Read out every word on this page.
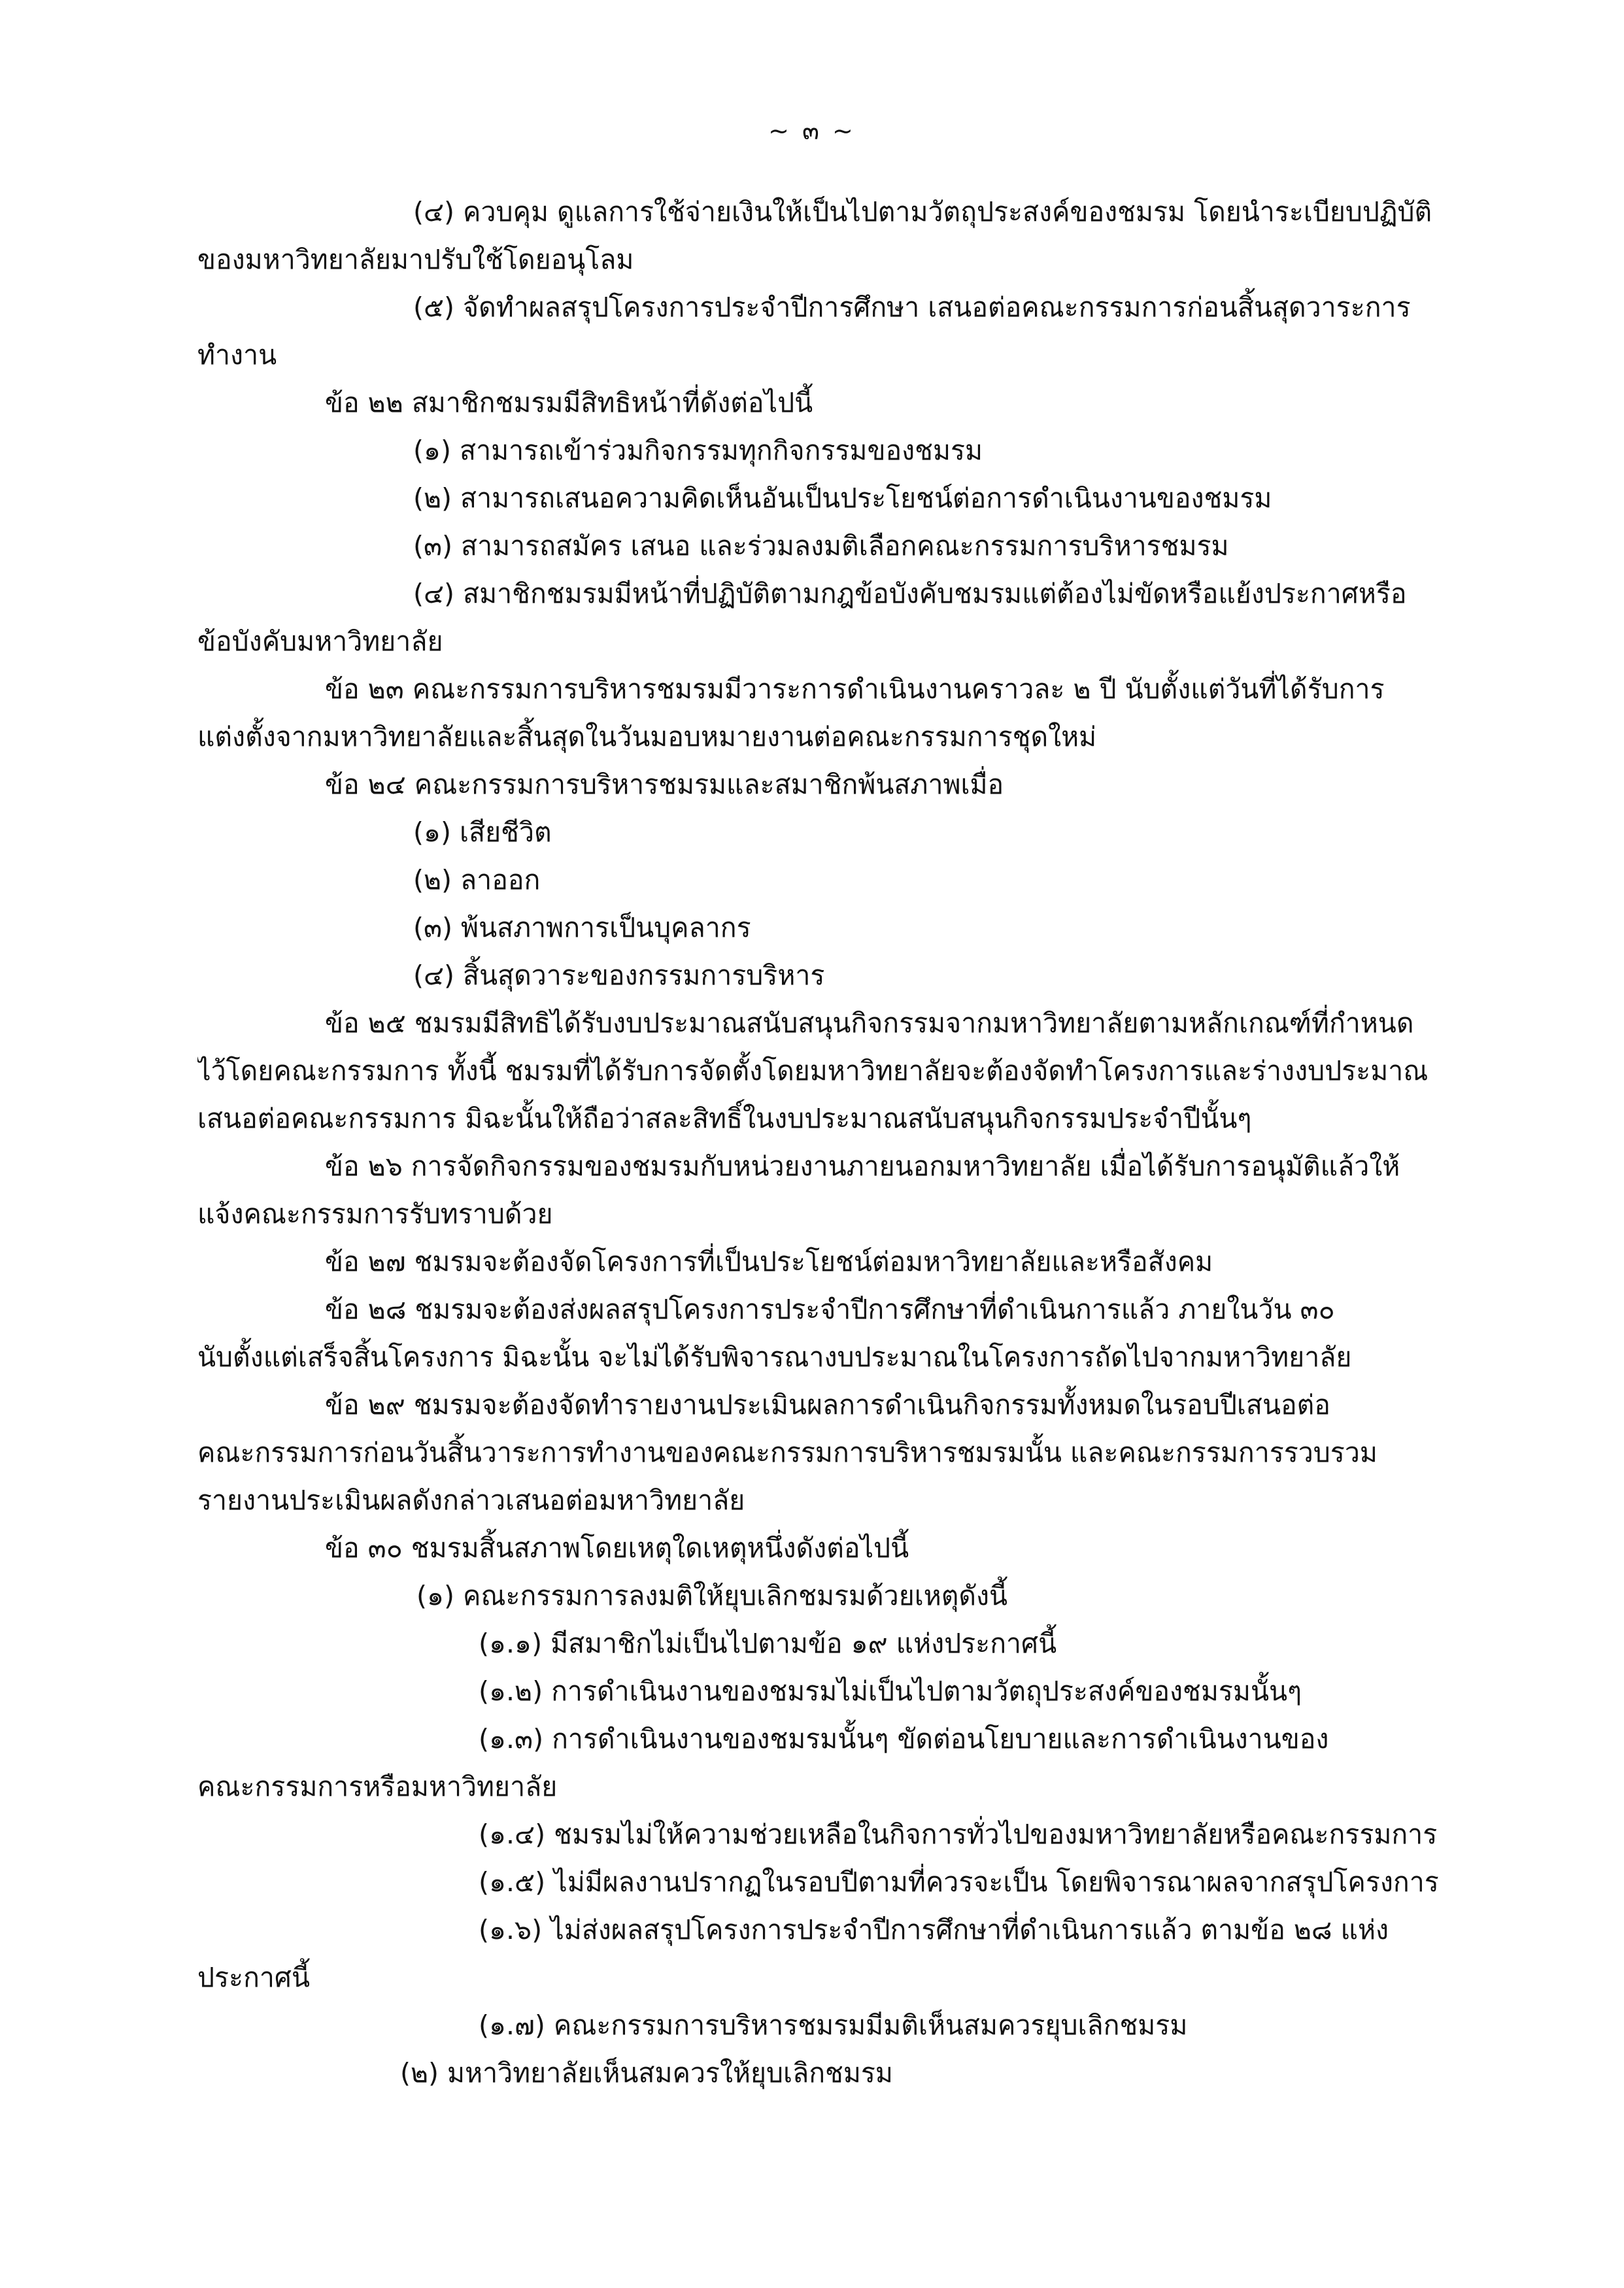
~ ๓ ~
(๔) ควบคุม ดูแลการใช้จ่ายเงินให้เป็นไปตามวัตถุประสงค์ของชมรม โดยนำระเบียบปฏิบัติ
ของมหาวิทยาลัยมาปรับใช้โดยอนุโลม
(๕) จัดทำผลสรุปโครงการประจำปีการศึกษา เสนอต่อคณะกรรมการก่อนสิ้นสุดวาระการ
ทำงาน
ข้อ ๒๒ สมาชิกชมรมมีสิทธิหน้าที่ดังต่อไปนี้
(๑) สามารถเข้าร่วมกิจกรรมทุกกิจกรรมของชมรม
(๒) สามารถเสนอความคิดเห็นอันเป็นประโยชน์ต่อการดำเนินงานของชมรม
(๓) สามารถสมัคร เสนอ และร่วมลงมติเลือกคณะกรรมการบริหารชมรม
(๔) สมาชิกชมรมมีหน้าที่ปฏิบัติตามกฎข้อบังคับชมรมแต่ต้องไม่ขัดหรือแย้งประกาศหรือ
ข้อบังคับมหาวิทยาลัย
ข้อ ๒๓ คณะกรรมการบริหารชมรมมีวาระการดำเนินงานคราวละ ๒ ปี นับตั้งแต่วันที่ได้รับการ
แต่งตั้งจากมหาวิทยาลัยและสิ้นสุดในวันมอบหมายงานต่อคณะกรรมการชุดใหม่
ข้อ ๒๔ คณะกรรมการบริหารชมรมและสมาชิกพ้นสภาพเมื่อ
(๑) เสียชีวิต
(๒) ลาออก
(๓) พ้นสภาพการเป็นบุคลากร
(๔) สิ้นสุดวาระของกรรมการบริหาร
ข้อ ๒๕ ชมรมมีสิทธิได้รับงบประมาณสนับสนุนกิจกรรมจากมหาวิทยาลัยตามหลักเกณฑ์ที่กำหนด
ไว้โดยคณะกรรมการ ทั้งนี้ ชมรมที่ได้รับการจัดตั้งโดยมหาวิทยาลัยจะต้องจัดทำโครงการและร่างงบประมาณ
เสนอต่อคณะกรรมการ มิฉะนั้นให้ถือว่าสละสิทธิ์ในงบประมาณสนับสนุนกิจกรรมประจำปีนั้นๆ
ข้อ ๒๖ การจัดกิจกรรมของชมรมกับหน่วยงานภายนอกมหาวิทยาลัย เมื่อได้รับการอนุมัติแล้วให้
แจ้งคณะกรรมการรับทราบด้วย
ข้อ ๒๗ ชมรมจะต้องจัดโครงการที่เป็นประโยชน์ต่อมหาวิทยาลัยและหรือสังคม
ข้อ ๒๘ ชมรมจะต้องส่งผลสรุปโครงการประจำปีการศึกษาที่ดำเนินการแล้ว ภายในวัน ๓๐
นับตั้งแต่เสร็จสิ้นโครงการ มิฉะนั้น จะไม่ได้รับพิจารณางบประมาณในโครงการถัดไปจากมหาวิทยาลัย
ข้อ ๒๙ ชมรมจะต้องจัดทำรายงานประเมินผลการดำเนินกิจกรรมทั้งหมดในรอบปีเสนอต่อ
คณะกรรมการก่อนวันสิ้นวาระการทำงานของคณะกรรมการบริหารชมรมนั้น และคณะกรรมการรวบรวม
รายงานประเมินผลดังกล่าวเสนอต่อมหาวิทยาลัย
ข้อ ๓๐ ชมรมสิ้นสภาพโดยเหตุใดเหตุหนึ่งดังต่อไปนี้
(๑) คณะกรรมการลงมติให้ยุบเลิกชมรมด้วยเหตุดังนี้
(๑.๑) มีสมาชิกไม่เป็นไปตามข้อ ๑๙ แห่งประกาศนี้
(๑.๒) การดำเนินงานของชมรมไม่เป็นไปตามวัตถุประสงค์ของชมรมนั้นๆ
(๑.๓) การดำเนินงานของชมรมนั้นๆ ขัดต่อนโยบายและการดำเนินงานของ
คณะกรรมการหรือมหาวิทยาลัย
(๑.๔) ชมรมไม่ให้ความช่วยเหลือในกิจการทั่วไปของมหาวิทยาลัยหรือคณะกรรมการ
(๑.๕) ไม่มีผลงานปรากฏในรอบปีตามที่ควรจะเป็น โดยพิจารณาผลจากสรุปโครงการ
(๑.๖) ไม่ส่งผลสรุปโครงการประจำปีการศึกษาที่ดำเนินการแล้ว ตามข้อ ๒๘ แห่ง
ประกาศนี้
(๑.๗) คณะกรรมการบริหารชมรมมีมติเห็นสมควรยุบเลิกชมรม
(๒) มหาวิทยาลัยเห็นสมควรให้ยุบเลิกชมรม
